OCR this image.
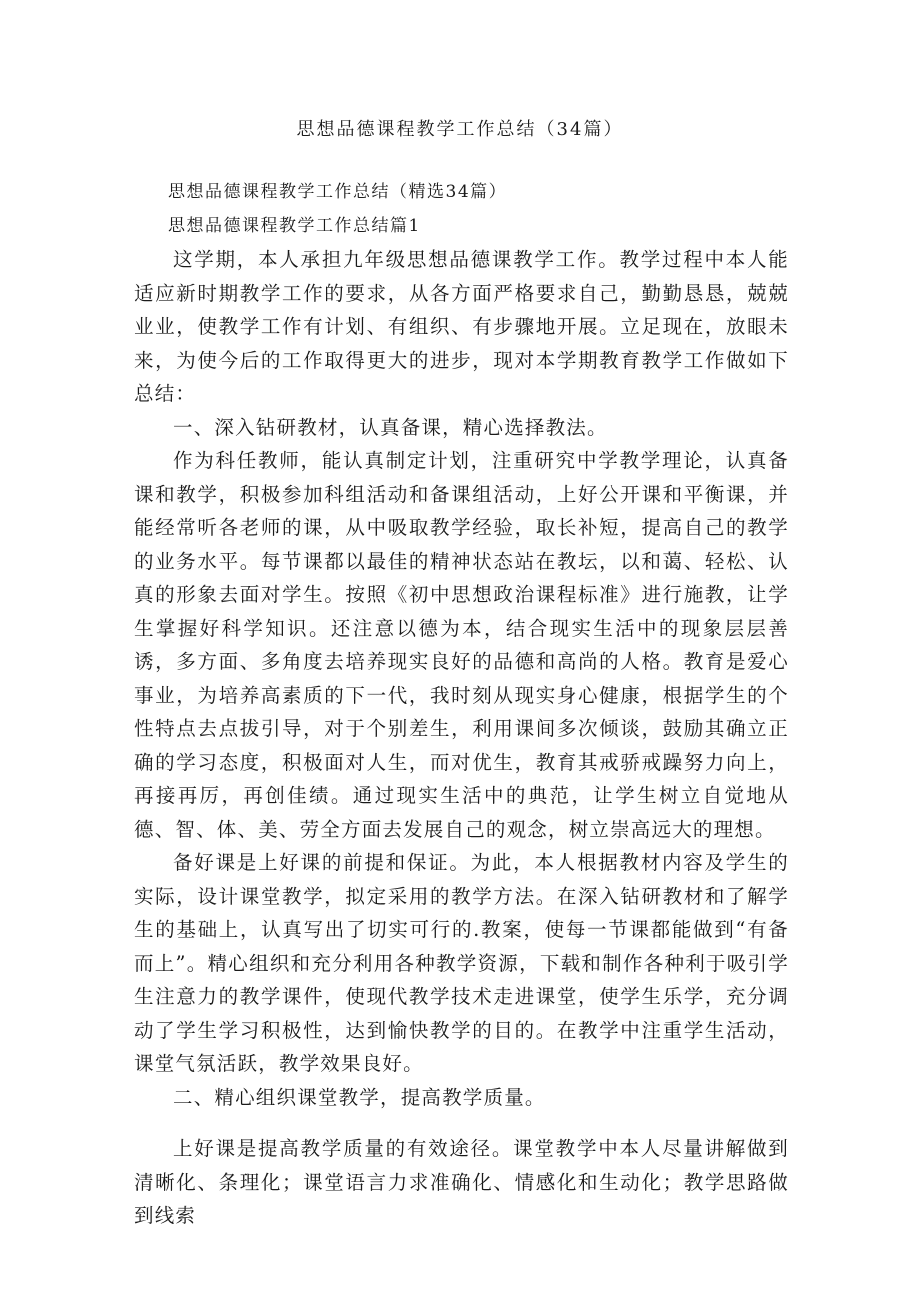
思想品德课程教学工作总结（34篇）

思想品德课程教学工作总结（精选34篇）

思想品德课程教学工作总结篇1

这学期，本人承担九年级思想品德课教学工作。教学过程中本人能适应新时期教学工作的要求，从各方面严格要求自己，勤勤恳恳，兢兢业业，使教学工作有计划、有组织、有步骤地开展。立足现在，放眼未来，为使今后的工作取得更大的进步，现对本学期教育教学工作做如下总结：

一、深入钻研教材，认真备课，精心选择教法。

作为科任教师，能认真制定计划，注重研究中学教学理论，认真备课和教学，积极参加科组活动和备课组活动，上好公开课和平衡课，并能经常听各老师的课，从中吸取教学经验，取长补短，提高自己的教学的业务水平。每节课都以最佳的精神状态站在教坛，以和蔼、轻松、认真的形象去面对学生。按照《初中思想政治课程标准》进行施教，让学生掌握好科学知识。还注意以德为本，结合现实生活中的现象层层善诱，多方面、多角度去培养现实良好的品德和高尚的人格。教育是爱心事业，为培养高素质的下一代，我时刻从现实身心健康，根据学生的个性特点去点拔引导，对于个别差生，利用课间多次倾谈，鼓励其确立正确的学习态度，积极面对人生，而对优生，教育其戒骄戒躁努力向上，再接再厉，再创佳绩。通过现实生活中的典范，让学生树立自觉地从德、智、体、美、劳全方面去发展自己的观念，树立崇高远大的理想。

备好课是上好课的前提和保证。为此，本人根据教材内容及学生的实际，设计课堂教学，拟定采用的教学方法。在深入钻研教材和了解学生的基础上，认真写出了切实可行的.教案，使每一节课都能做到“有备而上”。精心组织和充分利用各种教学资源，下载和制作各种利于吸引学生注意力的教学课件，使现代教学技术走进课堂，使学生乐学，充分调动了学生学习积极性，达到愉快教学的目的。在教学中注重学生活动，课堂气氛活跃，教学效果良好。

二、精心组织课堂教学，提高教学质量。

上好课是提高教学质量的有效途径。课堂教学中本人尽量讲解做到清晰化、条理化；课堂语言力求准确化、情感化和生动化；教学思路做到线索
